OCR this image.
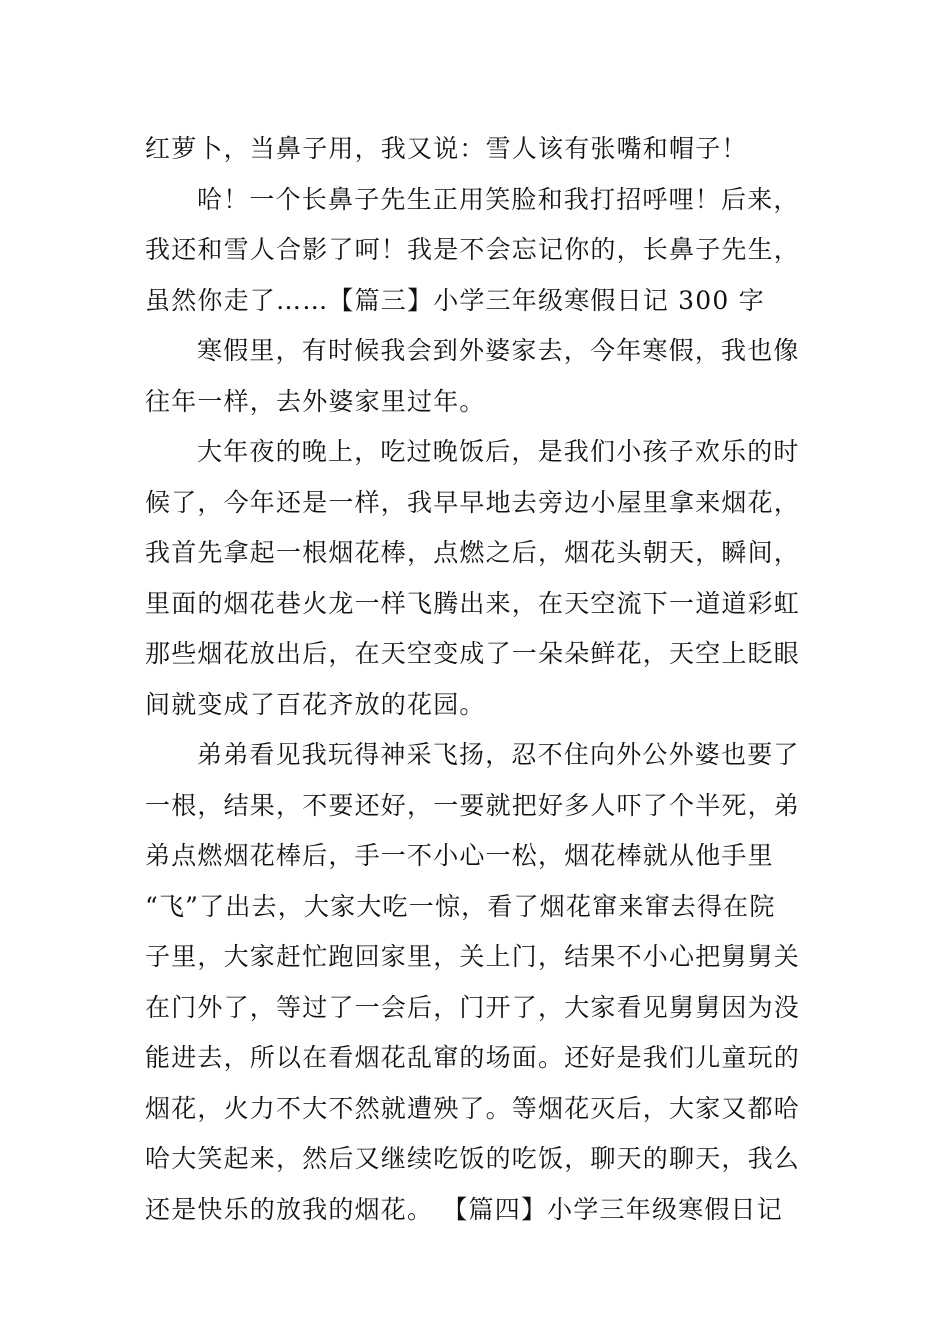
红萝卜，当鼻子用，我又说：雪人该有张嘴和帽子！
哈！一个长鼻子先生正用笑脸和我打招呼哩！后来，
我还和雪人合影了呵！我是不会忘记你的，长鼻子先生，
虽然你走了……【篇三】小学三年级寒假日记 300 字
寒假里，有时候我会到外婆家去，今年寒假，我也像
往年一样，去外婆家里过年。
大年夜的晚上，吃过晚饭后，是我们小孩子欢乐的时
候了，今年还是一样，我早早地去旁边小屋里拿来烟花，
我首先拿起一根烟花棒，点燃之后，烟花头朝天，瞬间，
里面的烟花巷火龙一样飞腾出来，在天空流下一道道彩虹
那些烟花放出后，在天空变成了一朵朵鲜花，天空上眨眼
间就变成了百花齐放的花园。
弟弟看见我玩得神采飞扬，忍不住向外公外婆也要了
一根，结果，不要还好，一要就把好多人吓了个半死，弟
弟点燃烟花棒后，手一不小心一松，烟花棒就从他手里
“飞”了出去，大家大吃一惊，看了烟花窜来窜去得在院
子里，大家赶忙跑回家里，关上门，结果不小心把舅舅关
在门外了，等过了一会后，门开了，大家看见舅舅因为没
能进去，所以在看烟花乱窜的场面。还好是我们儿童玩的
烟花，火力不大不然就遭殃了。等烟花灭后，大家又都哈
哈大笑起来，然后又继续吃饭的吃饭，聊天的聊天，我么
还是快乐的放我的烟花。 【篇四】小学三年级寒假日记
